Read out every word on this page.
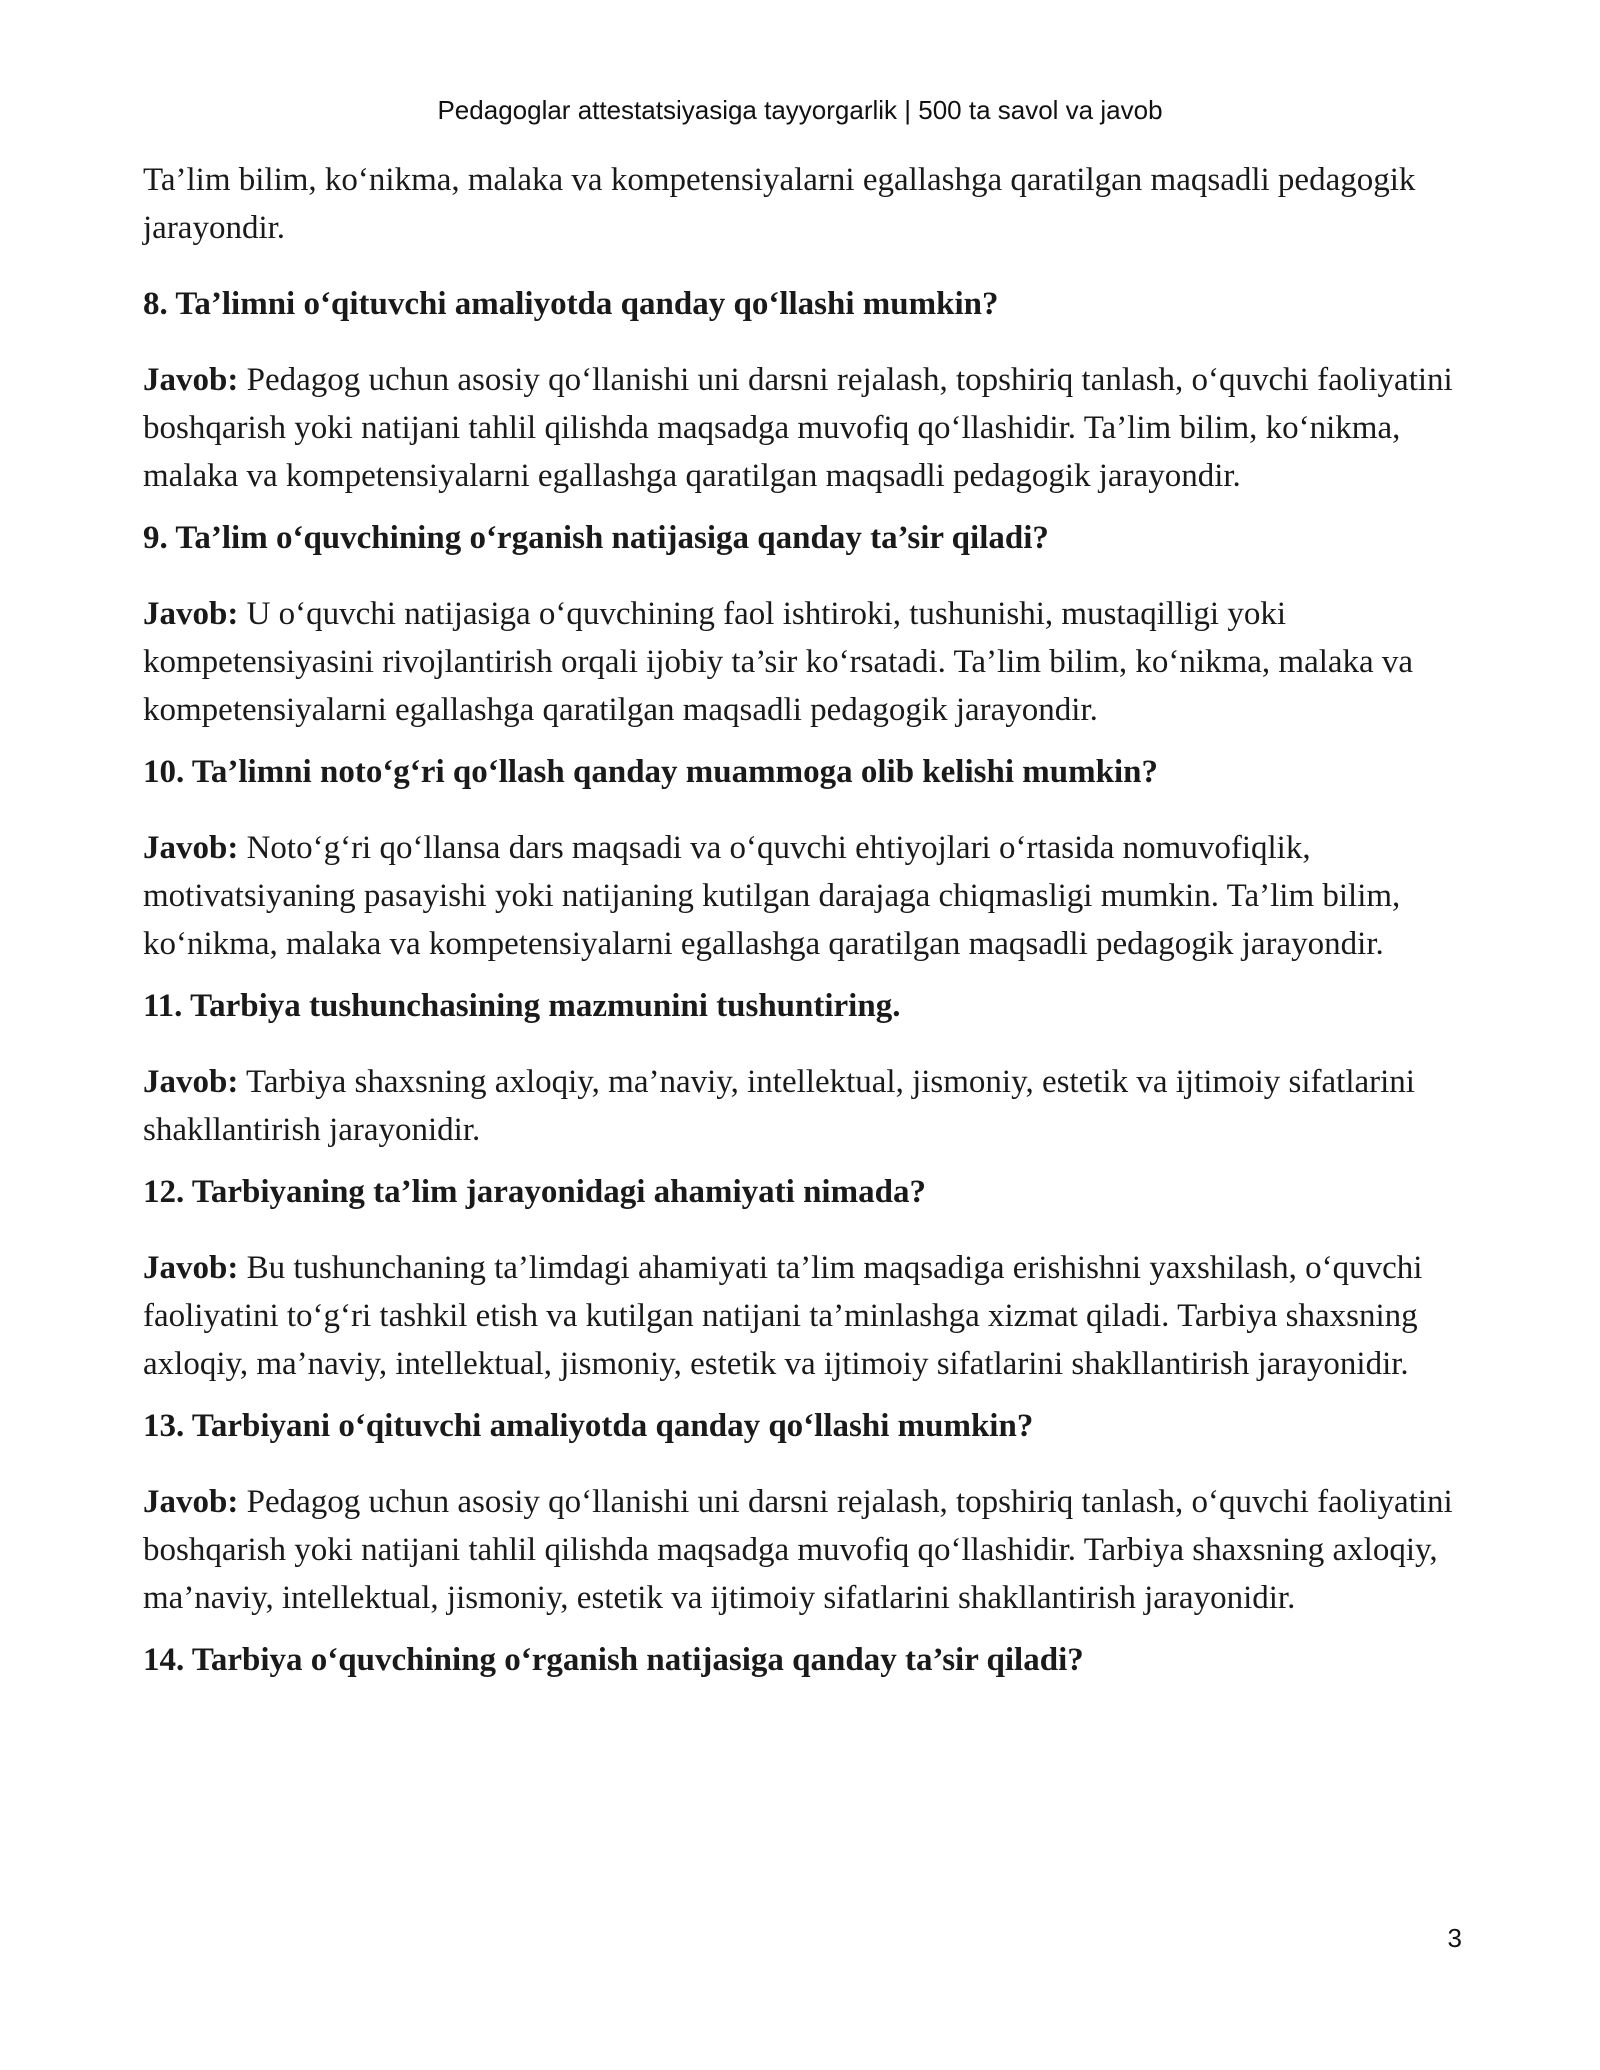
Pedagoglar attestatsiyasiga tayyorgarlik | 500 ta savol va javob

Ta’lim bilim, ko‘nikma, malaka va kompetensiyalarni egallashga qaratilgan maqsadli pedagogik jarayondir.

8. Ta’limni o‘qituvchi amaliyotda qanday qo‘llashi mumkin?

Javob: Pedagog uchun asosiy qo‘llanishi uni darsni rejalash, topshiriq tanlash, o‘quvchi faoliyatini boshqarish yoki natijani tahlil qilishda maqsadga muvofiq qo‘llashidir. Ta’lim bilim, ko‘nikma, malaka va kompetensiyalarni egallashga qaratilgan maqsadli pedagogik jarayondir.

9. Ta’lim o‘quvchining o‘rganish natijasiga qanday ta’sir qiladi?

Javob: U o‘quvchi natijasiga o‘quvchining faol ishtiroki, tushunishi, mustaqilligi yoki kompetensiyasini rivojlantirish orqali ijobiy ta’sir ko‘rsatadi. Ta’lim bilim, ko‘nikma, malaka va kompetensiyalarni egallashga qaratilgan maqsadli pedagogik jarayondir.

10. Ta’limni noto‘g‘ri qo‘llash qanday muammoga olib kelishi mumkin?

Javob: Noto‘g‘ri qo‘llansa dars maqsadi va o‘quvchi ehtiyojlari o‘rtasida nomuvofiqlik, motivatsiyaning pasayishi yoki natijaning kutilgan darajaga chiqmasligi mumkin. Ta’lim bilim, ko‘nikma, malaka va kompetensiyalarni egallashga qaratilgan maqsadli pedagogik jarayondir.

11. Tarbiya tushunchasining mazmunini tushuntiring.

Javob: Tarbiya shaxsning axloqiy, ma’naviy, intellektual, jismoniy, estetik va ijtimoiy sifatlarini shakllantirish jarayonidir.

12. Tarbiyaning ta’lim jarayonidagi ahamiyati nimada?

Javob: Bu tushunchaning ta’limdagi ahamiyati ta’lim maqsadiga erishishni yaxshilash, o‘quvchi faoliyatini to‘g‘ri tashkil etish va kutilgan natijani ta’minlashga xizmat qiladi. Tarbiya shaxsning axloqiy, ma’naviy, intellektual, jismoniy, estetik va ijtimoiy sifatlarini shakllantirish jarayonidir.

13. Tarbiyani o‘qituvchi amaliyotda qanday qo‘llashi mumkin?

Javob: Pedagog uchun asosiy qo‘llanishi uni darsni rejalash, topshiriq tanlash, o‘quvchi faoliyatini boshqarish yoki natijani tahlil qilishda maqsadga muvofiq qo‘llashidir. Tarbiya shaxsning axloqiy, ma’naviy, intellektual, jismoniy, estetik va ijtimoiy sifatlarini shakllantirish jarayonidir.

14. Tarbiya o‘quvchining o‘rganish natijasiga qanday ta’sir qiladi?

3
